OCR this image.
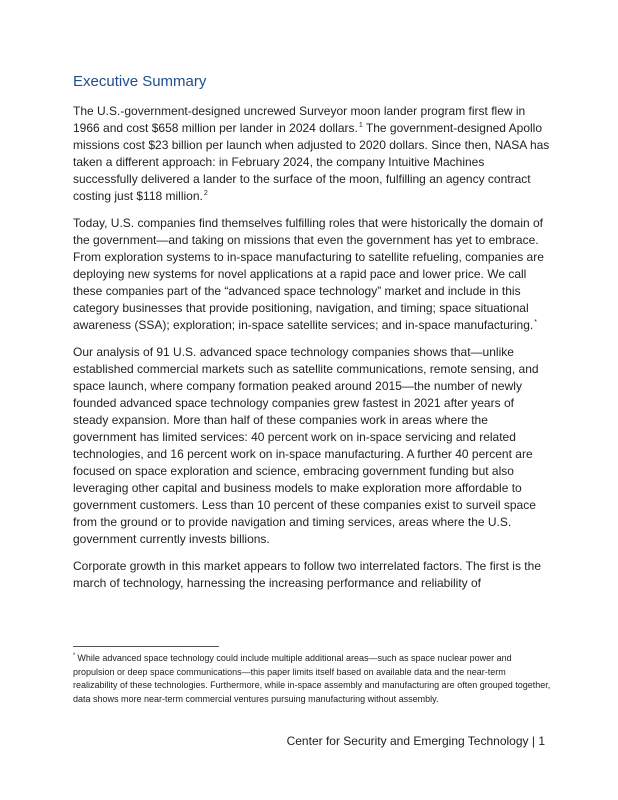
Executive Summary

The U.S.-government-designed uncrewed Surveyor moon lander program first flew in 1966 and cost $658 million per lander in 2024 dollars.$^1$ The government-designed Apollo missions cost $23 billion per launch when adjusted to 2020 dollars. Since then, NASA has taken a different approach: in February 2024, the company Intuitive Machines successfully delivered a lander to the surface of the moon, fulfilling an agency contract costing just $118 million.$^2$

Today, U.S. companies find themselves fulfilling roles that were historically the domain of the government—and taking on missions that even the government has yet to embrace. From exploration systems to in-space manufacturing to satellite refueling, companies are deploying new systems for novel applications at a rapid pace and lower price. We call these companies part of the “advanced space technology” market and include in this category businesses that provide positioning, navigation, and timing; space situational awareness (SSA); exploration; in-space satellite services; and in-space manufacturing.*

Our analysis of 91 U.S. advanced space technology companies shows that—unlike established commercial markets such as satellite communications, remote sensing, and space launch, where company formation peaked around 2015—the number of newly founded advanced space technology companies grew fastest in 2021 after years of steady expansion. More than half of these companies work in areas where the government has limited services: 40 percent work on in-space servicing and related technologies, and 16 percent work on in-space manufacturing. A further 40 percent are focused on space exploration and science, embracing government funding but also leveraging other capital and business models to make exploration more affordable to government customers. Less than 10 percent of these companies exist to surveil space from the ground or to provide navigation and timing services, areas where the U.S. government currently invests billions.

Corporate growth in this market appears to follow two interrelated factors. The first is the march of technology, harnessing the increasing performance and reliability of

* While advanced space technology could include multiple additional areas—such as space nuclear power and propulsion or deep space communications—this paper limits itself based on available data and the near-term realizability of these technologies. Furthermore, while in-space assembly and manufacturing are often grouped together, data shows more near-term commercial ventures pursuing manufacturing without assembly.
Center for Security and Emerging Technology | 1
